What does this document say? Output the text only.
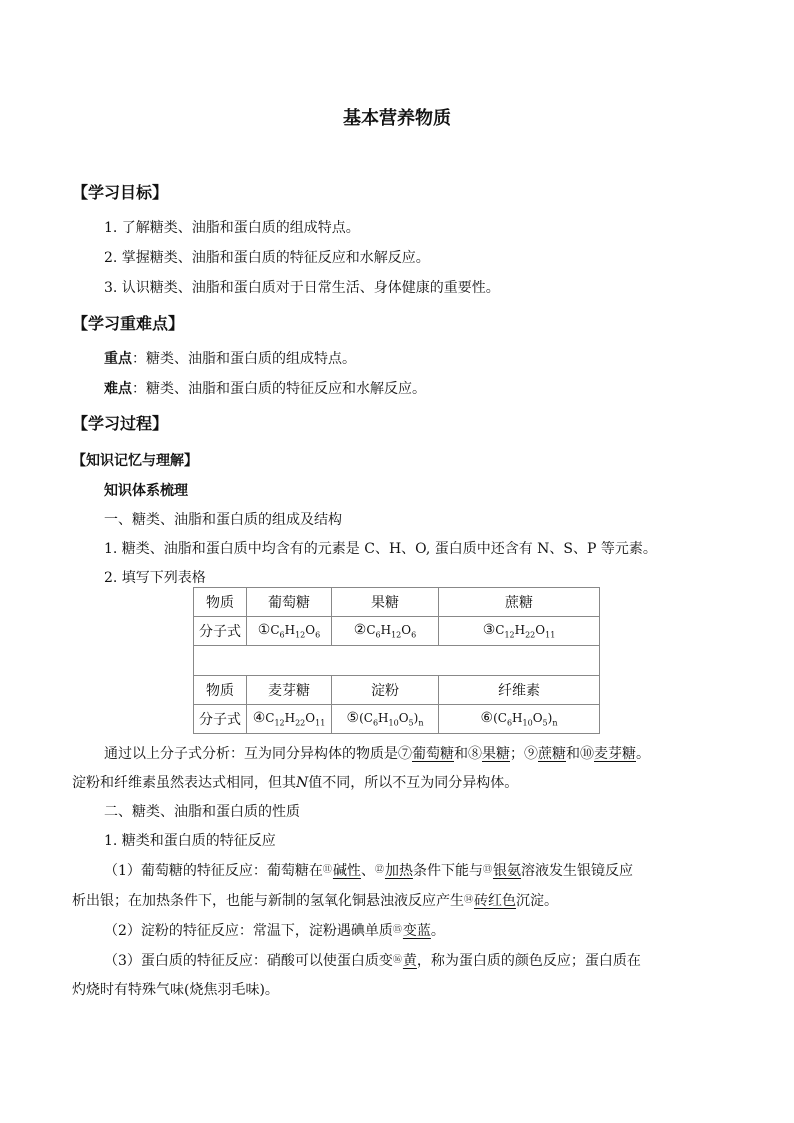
基本营养物质
【学习目标】
1. 了解糖类、油脂和蛋白质的组成特点。
2. 掌握糖类、油脂和蛋白质的特征反应和水解反应。
3. 认识糖类、油脂和蛋白质对于日常生活、身体健康的重要性。
【学习重难点】
重点：糖类、油脂和蛋白质的组成特点。
难点：糖类、油脂和蛋白质的特征反应和水解反应。
【学习过程】
【知识记忆与理解】
知识体系梳理
一、糖类、油脂和蛋白质的组成及结构
1. 糖类、油脂和蛋白质中均含有的元素是 C、H、O, 蛋白质中还含有 N、S、P 等元素。
2. 填写下列表格
物质	葡萄糖	果糖	蔗糖
分子式	$①C_6H_{12}O_6$	$②C_6H_{12}O_6$	$③C_{12}H_{22}O_{11}$

物质	麦芽糖	淀粉	纤维素
分子式	$④C_{12}H_{22}O_{11}$	$⑤(C_6H_{10}O_5)_n$	$⑥(C_6H_{10}O_5)_n$
通过以上分子式分析：互为同分异构体的物质是⑦葡萄糖和⑧果糖；⑨蔗糖和⑩麦芽糖。
淀粉和纤维素虽然表达式相同，但其N值不同，所以不互为同分异构体。
二、糖类、油脂和蛋白质的性质
1. 糖类和蛋白质的特征反应
（1）葡萄糖的特征反应：葡萄糖在⑪碱性、⑫加热条件下能与⑬银氨溶液发生银镜反应
析出银；在加热条件下，也能与新制的氢氧化铜悬浊液反应产生⑭砖红色沉淀。
（2）淀粉的特征反应：常温下，淀粉遇碘单质⑮变蓝。
（3）蛋白质的特征反应：硝酸可以使蛋白质变⑯黄，称为蛋白质的颜色反应；蛋白质在
灼烧时有特殊气味(烧焦羽毛味)。
